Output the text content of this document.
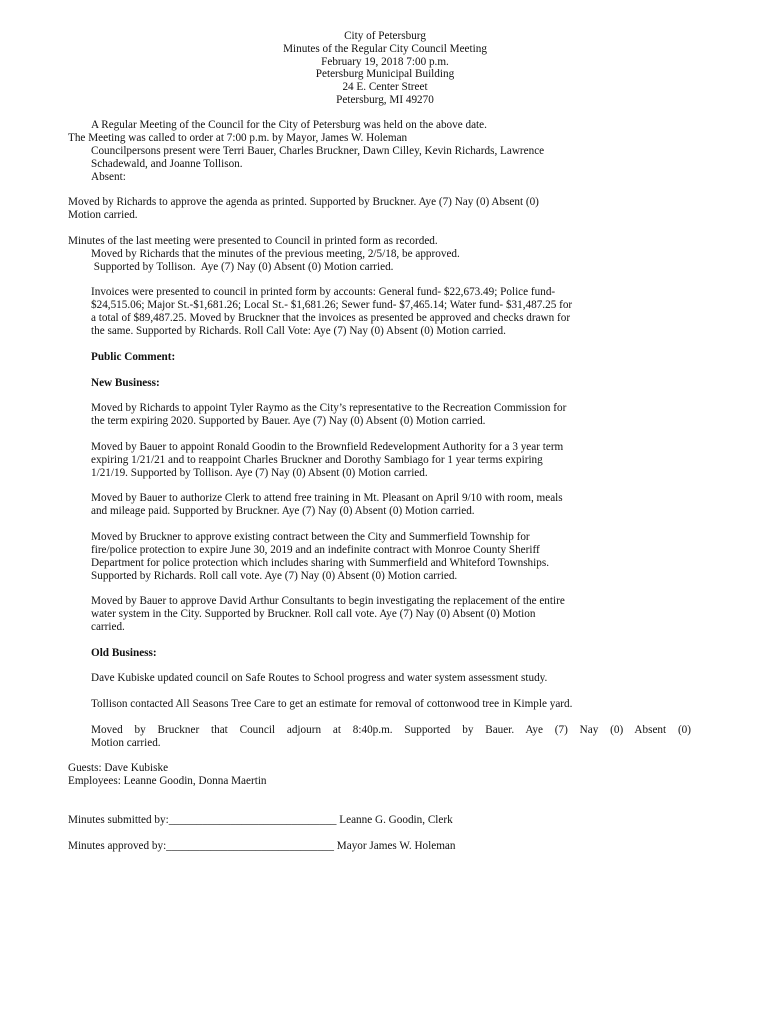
City of Petersburg
Minutes of the Regular City Council Meeting
February 19, 2018 7:00 p.m.
Petersburg Municipal Building
24 E. Center Street
Petersburg, MI 49270
A Regular Meeting of the Council for the City of Petersburg was held on the above date.
The Meeting was called to order at 7:00 p.m. by Mayor, James W. Holeman
Councilpersons present were Terri Bauer, Charles Bruckner, Dawn Cilley, Kevin Richards, Lawrence
Schadewald, and Joanne Tollison.
Absent:
Moved by Richards to approve the agenda as printed. Supported by Bruckner. Aye (7) Nay (0) Absent (0)
Motion carried.
Minutes of the last meeting were presented to Council in printed form as recorded.
Moved by Richards that the minutes of the previous meeting, 2/5/18, be approved.
Supported by Tollison.  Aye (7) Nay (0) Absent (0) Motion carried.
Invoices were presented to council in printed form by accounts: General fund- $22,673.49; Police fund-
$24,515.06; Major St.-$1,681.26; Local St.- $1,681.26; Sewer fund- $7,465.14; Water fund- $31,487.25 for
a total of $89,487.25. Moved by Bruckner that the invoices as presented be approved and checks drawn for
the same. Supported by Richards. Roll Call Vote: Aye (7) Nay (0) Absent (0) Motion carried.
Public Comment:
New Business:
Moved by Richards to appoint Tyler Raymo as the City’s representative to the Recreation Commission for
the term expiring 2020. Supported by Bauer. Aye (7) Nay (0) Absent (0) Motion carried.
Moved by Bauer to appoint Ronald Goodin to the Brownfield Redevelopment Authority for a 3 year term
expiring 1/21/21 and to reappoint Charles Bruckner and Dorothy Sambiago for 1 year terms expiring
1/21/19. Supported by Tollison. Aye (7) Nay (0) Absent (0) Motion carried.
Moved by Bauer to authorize Clerk to attend free training in Mt. Pleasant on April 9/10 with room, meals
and mileage paid. Supported by Bruckner. Aye (7) Nay (0) Absent (0) Motion carried.
Moved by Bruckner to approve existing contract between the City and Summerfield Township for
fire/police protection to expire June 30, 2019 and an indefinite contract with Monroe County Sheriff
Department for police protection which includes sharing with Summerfield and Whiteford Townships.
Supported by Richards. Roll call vote. Aye (7) Nay (0) Absent (0) Motion carried.
Moved by Bauer to approve David Arthur Consultants to begin investigating the replacement of the entire
water system in the City. Supported by Bruckner. Roll call vote. Aye (7) Nay (0) Absent (0) Motion
carried.
Old Business:
Dave Kubiske updated council on Safe Routes to School progress and water system assessment study.
Tollison contacted All Seasons Tree Care to get an estimate for removal of cottonwood tree in Kimple yard.
Moved by Bruckner that Council adjourn at 8:40p.m. Supported by Bauer. Aye (7) Nay (0) Absent (0)
Motion carried.
Guests: Dave Kubiske
Employees: Leanne Goodin, Donna Maertin
Minutes submitted by:______________________________ Leanne G. Goodin, Clerk
Minutes approved by:______________________________ Mayor James W. Holeman
